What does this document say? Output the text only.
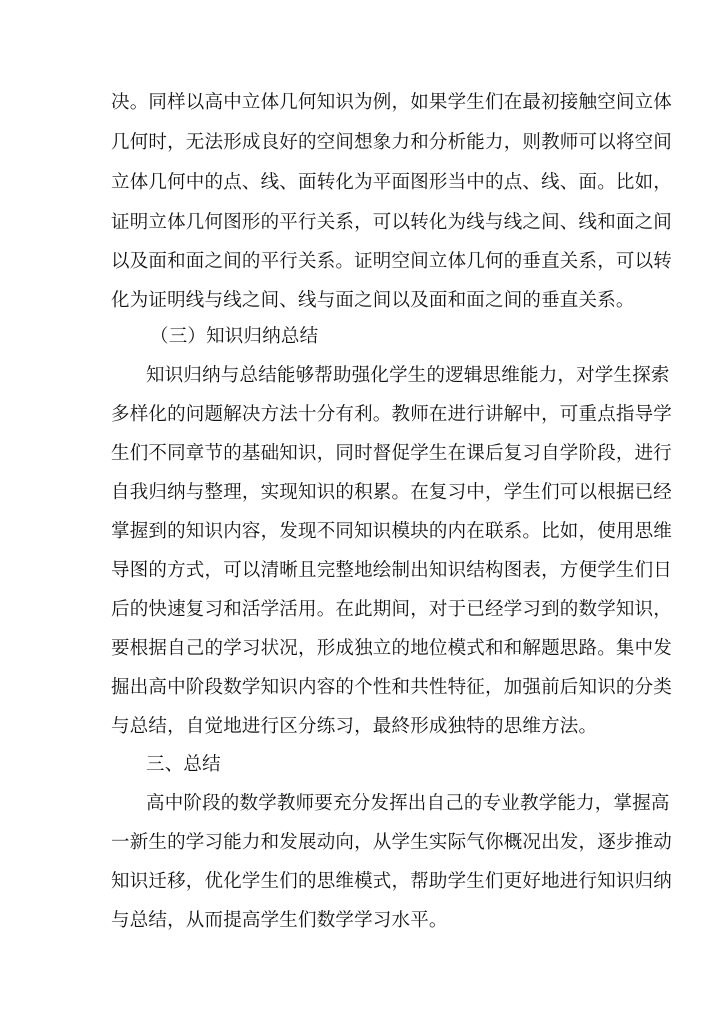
决。同样以高中立体几何知识为例，如果学生们在最初接触空间立体
几何时，无法形成良好的空间想象力和分析能力，则教师可以将空间
立体几何中的点、线、面转化为平面图形当中的点、线、面。比如，
证明立体几何图形的平行关系，可以转化为线与线之间、线和面之间
以及面和面之间的平行关系。证明空间立体几何的垂直关系，可以转
化为证明线与线之间、线与面之间以及面和面之间的垂直关系。
（三）知识归纳总结
知识归纳与总结能够帮助强化学生的逻辑思维能力，对学生探索
多样化的问题解决方法十分有利。教师在进行讲解中，可重点指导学
生们不同章节的基础知识，同时督促学生在课后复习自学阶段，进行
自我归纳与整理，实现知识的积累。在复习中，学生们可以根据已经
掌握到的知识内容，发现不同知识模块的内在联系。比如，使用思维
导图的方式，可以清晰且完整地绘制出知识结构图表，方便学生们日
后的快速复习和活学活用。在此期间，对于已经学习到的数学知识，
要根据自己的学习状况，形成独立的地位模式和和解题思路。集中发
掘出高中阶段数学知识内容的个性和共性特征，加强前后知识的分类
与总结，自觉地进行区分练习，最終形成独特的思维方法。
三、总结
高中阶段的数学教师要充分发挥出自己的专业教学能力，掌握高
一新生的学习能力和发展动向，从学生实际气你概况出发，逐步推动
知识迁移，优化学生们的思维模式，帮助学生们更好地进行知识归纳
与总结，从而提高学生们数学学习水平。
